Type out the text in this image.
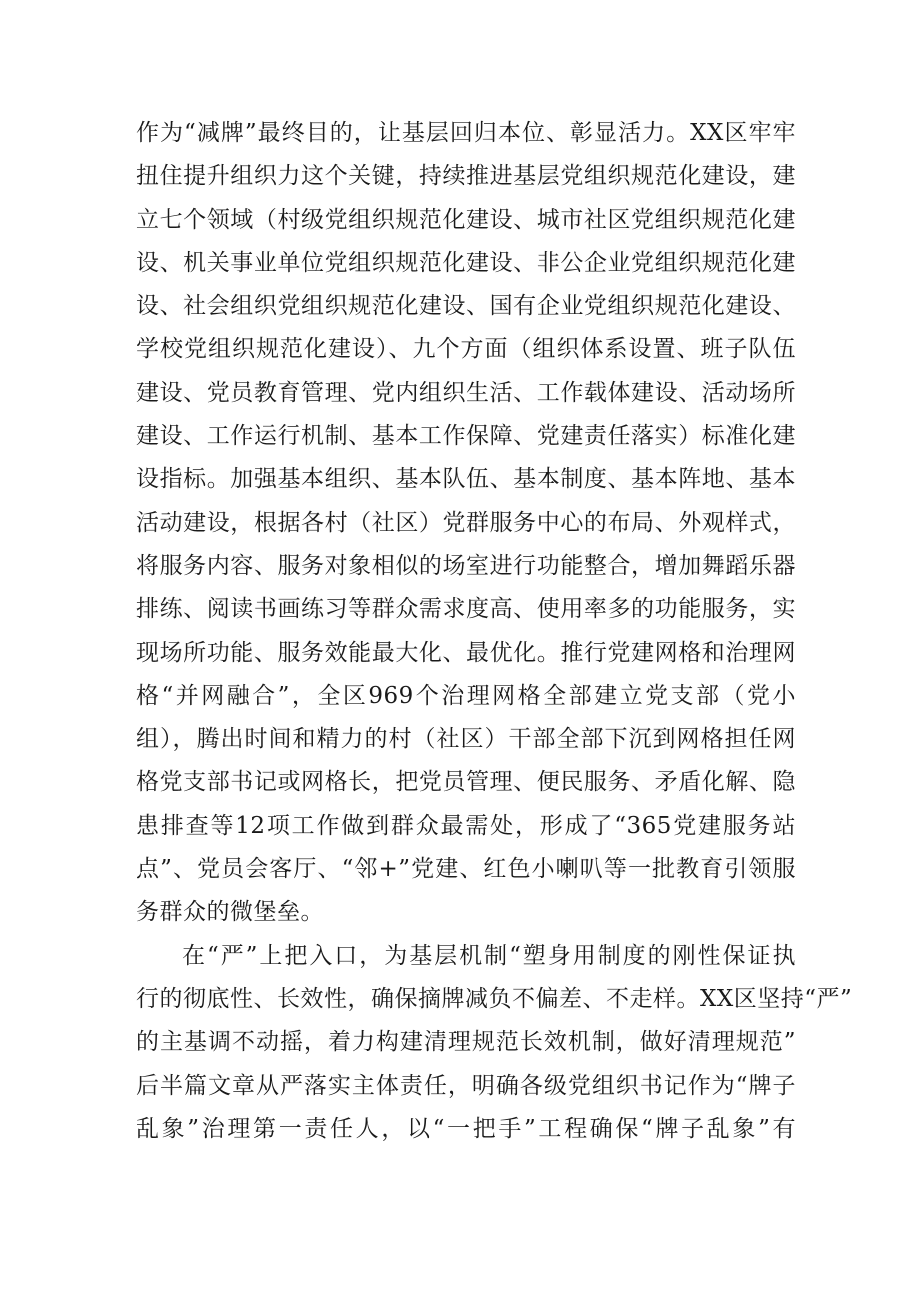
作为“减牌”最终目的，让基层回归本位、彰显活力。XX区牢牢
扭住提升组织力这个关键，持续推进基层党组织规范化建设，建
立七个领域（村级党组织规范化建设、城市社区党组织规范化建
设、机关事业单位党组织规范化建设、非公企业党组织规范化建
设、社会组织党组织规范化建设、国有企业党组织规范化建设、
学校党组织规范化建设）、九个方面（组织体系设置、班子队伍
建设、党员教育管理、党内组织生活、工作载体建设、活动场所
建设、工作运行机制、基本工作保障、党建责任落实）标准化建
设指标。加强基本组织、基本队伍、基本制度、基本阵地、基本
活动建设，根据各村（社区）党群服务中心的布局、外观样式，
将服务内容、服务对象相似的场室进行功能整合，增加舞蹈乐器
排练、阅读书画练习等群众需求度高、使用率多的功能服务，实
现场所功能、服务效能最大化、最优化。推行党建网格和治理网
格“并网融合”，全区969个治理网格全部建立党支部（党小
组），腾出时间和精力的村（社区）干部全部下沉到网格担任网
格党支部书记或网格长，把党员管理、便民服务、矛盾化解、隐
患排查等12项工作做到群众最需处，形成了“365党建服务站
点”、党员会客厅、“邻+”党建、红色小喇叭等一批教育引领服
务群众的微堡垒。
在“严”上把入口，为基层机制“塑身用制度的刚性保证执
行的彻底性、长效性，确保摘牌减负不偏差、不走样。XX区坚持“严”
的主基调不动摇，着力构建清理规范长效机制，做好清理规范”
后半篇文章从严落实主体责任，明确各级党组织书记作为“牌子
乱象”治理第一责任人，以“一把手”工程确保“牌子乱象”有
